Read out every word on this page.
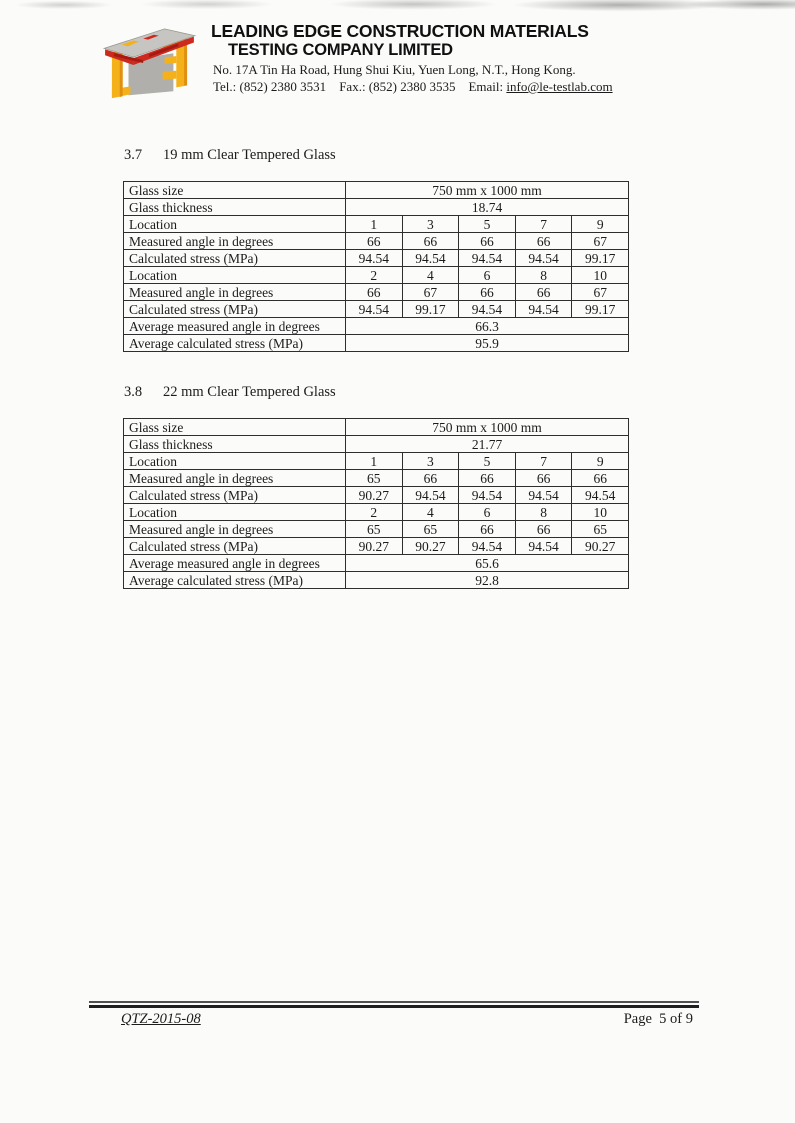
LEADING EDGE CONSTRUCTION MATERIALS
TESTING COMPANY LIMITED
No. 17A Tin Ha Road, Hung Shui Kiu, Yuen Long, N.T., Hong Kong.
Tel.: (852) 2380 3531 Fax.: (852) 2380 3535 Email: info@le-testlab.com
3.7 19 mm Clear Tempered Glass
Glass size	750 mm x 1000 mm				
Glass thickness	18.74				
Location	1	3	5	7	9
Measured angle in degrees	66	66	66	66	67
Calculated stress (MPa)	94.54	94.54	94.54	94.54	99.17
Location	2	4	6	8	10
Measured angle in degrees	66	67	66	66	67
Calculated stress (MPa)	94.54	99.17	94.54	94.54	99.17
Average measured angle in degrees	66.3				
Average calculated stress (MPa)	95.9				
3.8 22 mm Clear Tempered Glass
Glass size	750 mm x 1000 mm				
Glass thickness	21.77				
Location	1	3	5	7	9
Measured angle in degrees	65	66	66	66	66
Calculated stress (MPa)	90.27	94.54	94.54	94.54	94.54
Location	2	4	6	8	10
Measured angle in degrees	65	65	66	66	65
Calculated stress (MPa)	90.27	90.27	94.54	94.54	90.27
Average measured angle in degrees	65.6				
Average calculated stress (MPa)	92.8				
QTZ-2015-08	Page  5 of 9
